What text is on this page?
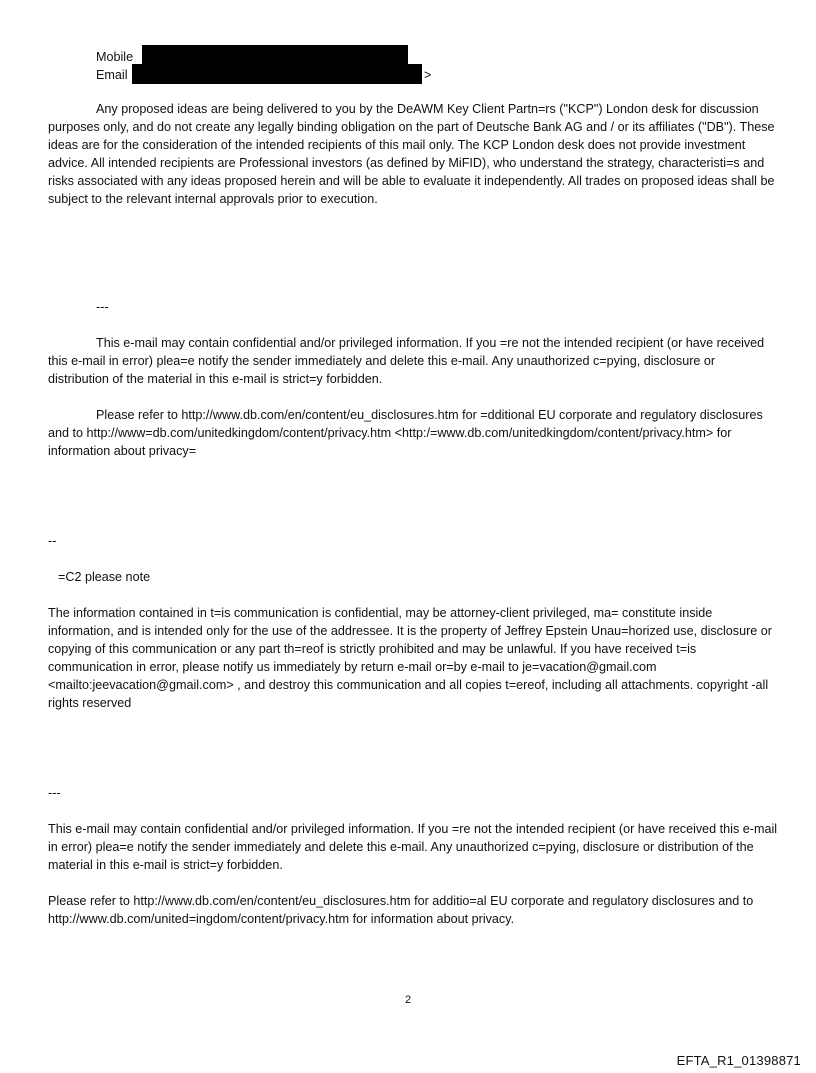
Mobile
Email	>

Any proposed ideas are being delivered to you by the DeAWM Key Client Partn=rs ("KCP") London desk for discussion purposes only, and do not create any legally binding obligation on the part of Deutsche Bank AG and / or its affiliates ("DB"). These ideas are for the consideration of the intended recipients of this mail only. The KCP London desk does not provide investment advice. All intended recipients are Professional investors (as defined by MiFID), who understand the strategy, characteristi=s and risks associated with any ideas proposed herein and will be able to evaluate it independently. All trades on proposed ideas shall be subject to the relevant internal approvals prior to execution.

---

This e-mail may contain confidential and/or privileged information. If you =re not the intended recipient (or have received this e-mail in error) plea=e notify the sender immediately and delete this e-mail. Any unauthorized c=pying, disclosure or distribution of the material in this e-mail is strict=y forbidden.

Please refer to http://www.db.com/en/content/eu_disclosures.htm for =dditional EU corporate and regulatory disclosures and to http://www=db.com/unitedkingdom/content/privacy.htm <http:/=www.db.com/unitedkingdom/content/privacy.htm> for information about privacy=

--

=C2 please note

The information contained in t=is communication is confidential, may be attorney-client privileged, ma= constitute inside information, and is intended only for the use of the addressee. It is the property of Jeffrey Epstein Unau=horized use, disclosure or copying of this communication or any part th=reof is strictly prohibited and may be unlawful. If you have received t=is communication in error, please notify us immediately by return e-mail or=by e-mail to je=vacation@gmail.com <mailto:jeevacation@gmail.com> , and destroy this communication and all copies t=ereof, including all attachments. copyright -all rights reserved

---

This e-mail may contain confidential and/or privileged information. If you =re not the intended recipient (or have received this e-mail in error) plea=e notify the sender immediately and delete this e-mail. Any unauthorized c=pying, disclosure or distribution of the material in this e-mail is strict=y forbidden.

Please refer to http://www.db.com/en/content/eu_disclosures.htm for additio=al EU corporate and regulatory disclosures and to http://www.db.com/united=ingdom/content/privacy.htm for information about privacy.

2
EFTA_R1_01398871
